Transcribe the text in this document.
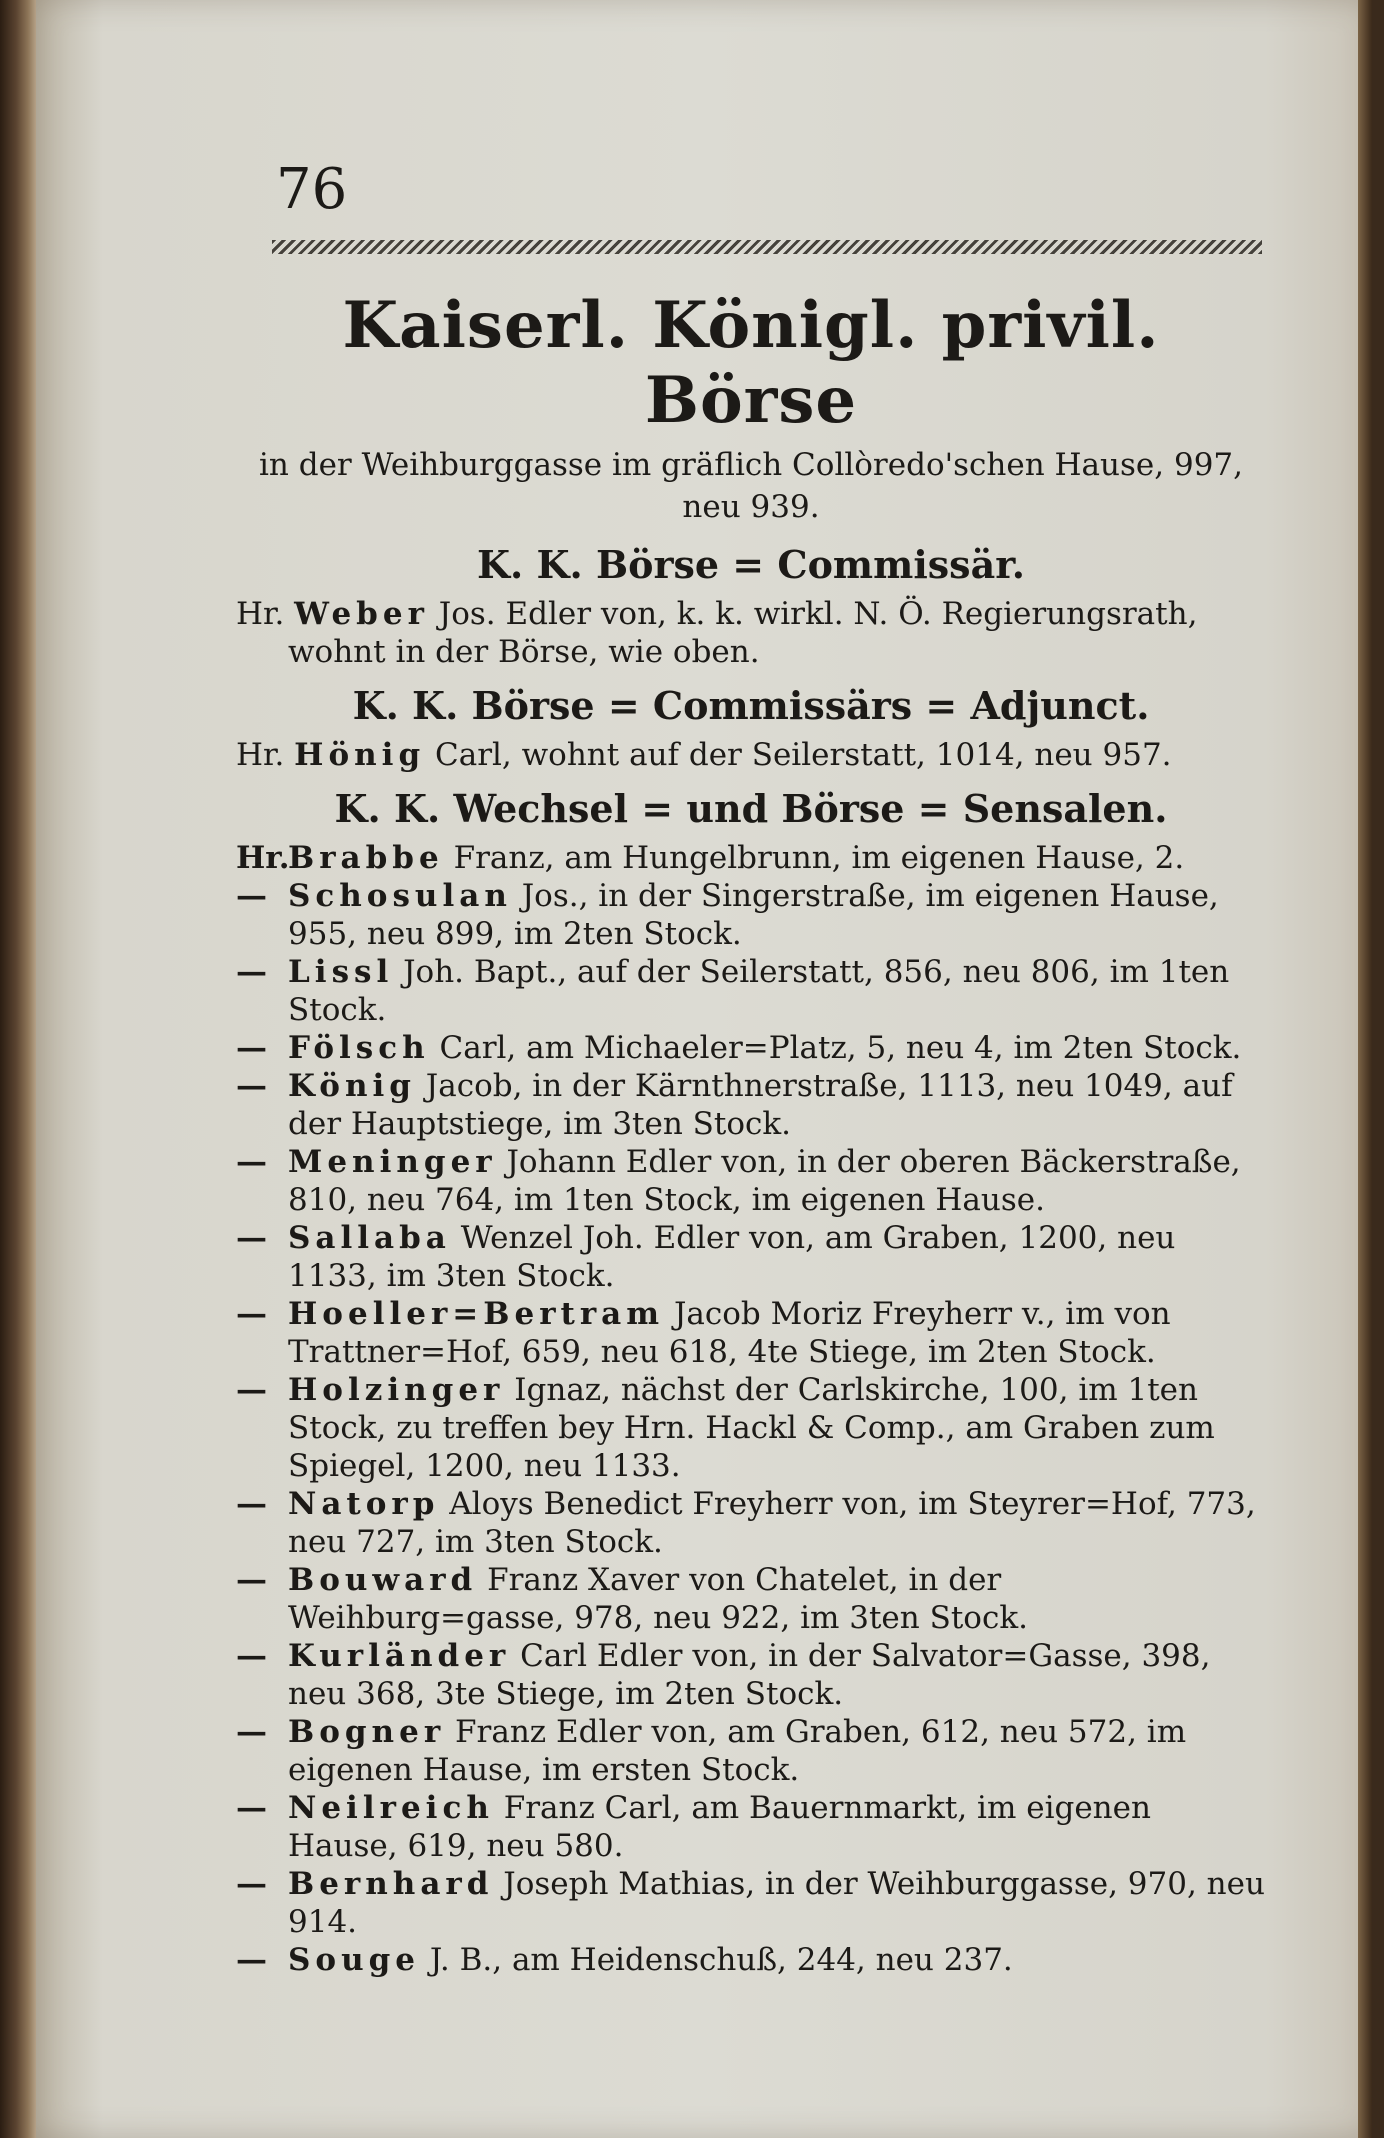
76
Kaiserl. Königl. privil. Börse
in der Weihburggasse im gräflich Collòredo'schen Hause, 997, neu 939.
K. K. Börse = Commissär.

Hr. Weber Jos. Edler von, k. k. wirkl. N. Ö. Regierungsrath, wohnt in der Börse, wie oben.

K. K. Börse = Commissärs = Adjunct.

Hr. Hönig Carl, wohnt auf der Seilerstatt, 1014, neu 957.

K. K. Wechsel = und Börse = Sensalen.

Hr.Brabbe Franz, am Hungelbrunn, im eigenen Hause, 2.

— Schosulan Jos., in der Singerstraße, im eigenen Hause, 955, neu 899, im 2ten Stock.

— Lissl Joh. Bapt., auf der Seilerstatt, 856, neu 806, im 1ten Stock.

— Fölsch Carl, am Michaeler=Platz, 5, neu 4, im 2ten Stock.

— König Jacob, in der Kärnthnerstraße, 1113, neu 1049, auf der Hauptstiege, im 3ten Stock.

— Meninger Johann Edler von, in der oberen Bäckerstraße, 810, neu 764, im 1ten Stock, im eigenen Hause.

— Sallaba Wenzel Joh. Edler von, am Graben, 1200, neu 1133, im 3ten Stock.

— Hoeller=Bertram Jacob Moriz Freyherr v., im von Trattner=Hof, 659, neu 618, 4te Stiege, im 2ten Stock.

— Holzinger Ignaz, nächst der Carlskirche, 100, im 1ten Stock, zu treffen bey Hrn. Hackl & Comp., am Graben zum Spiegel, 1200, neu 1133.

— Natorp Aloys Benedict Freyherr von, im Steyrer=Hof, 773, neu 727, im 3ten Stock.

— Bouward Franz Xaver von Chatelet, in der Weihburg=gasse, 978, neu 922, im 3ten Stock.

— Kurländer Carl Edler von, in der Salvator=Gasse, 398, neu 368, 3te Stiege, im 2ten Stock.

— Bogner Franz Edler von, am Graben, 612, neu 572, im eigenen Hause, im ersten Stock.

— Neilreich Franz Carl, am Bauernmarkt, im eigenen Hause, 619, neu 580.

— Bernhard Joseph Mathias, in der Weihburggasse, 970, neu 914.

— Souge J. B., am Heidenschuß, 244, neu 237.
